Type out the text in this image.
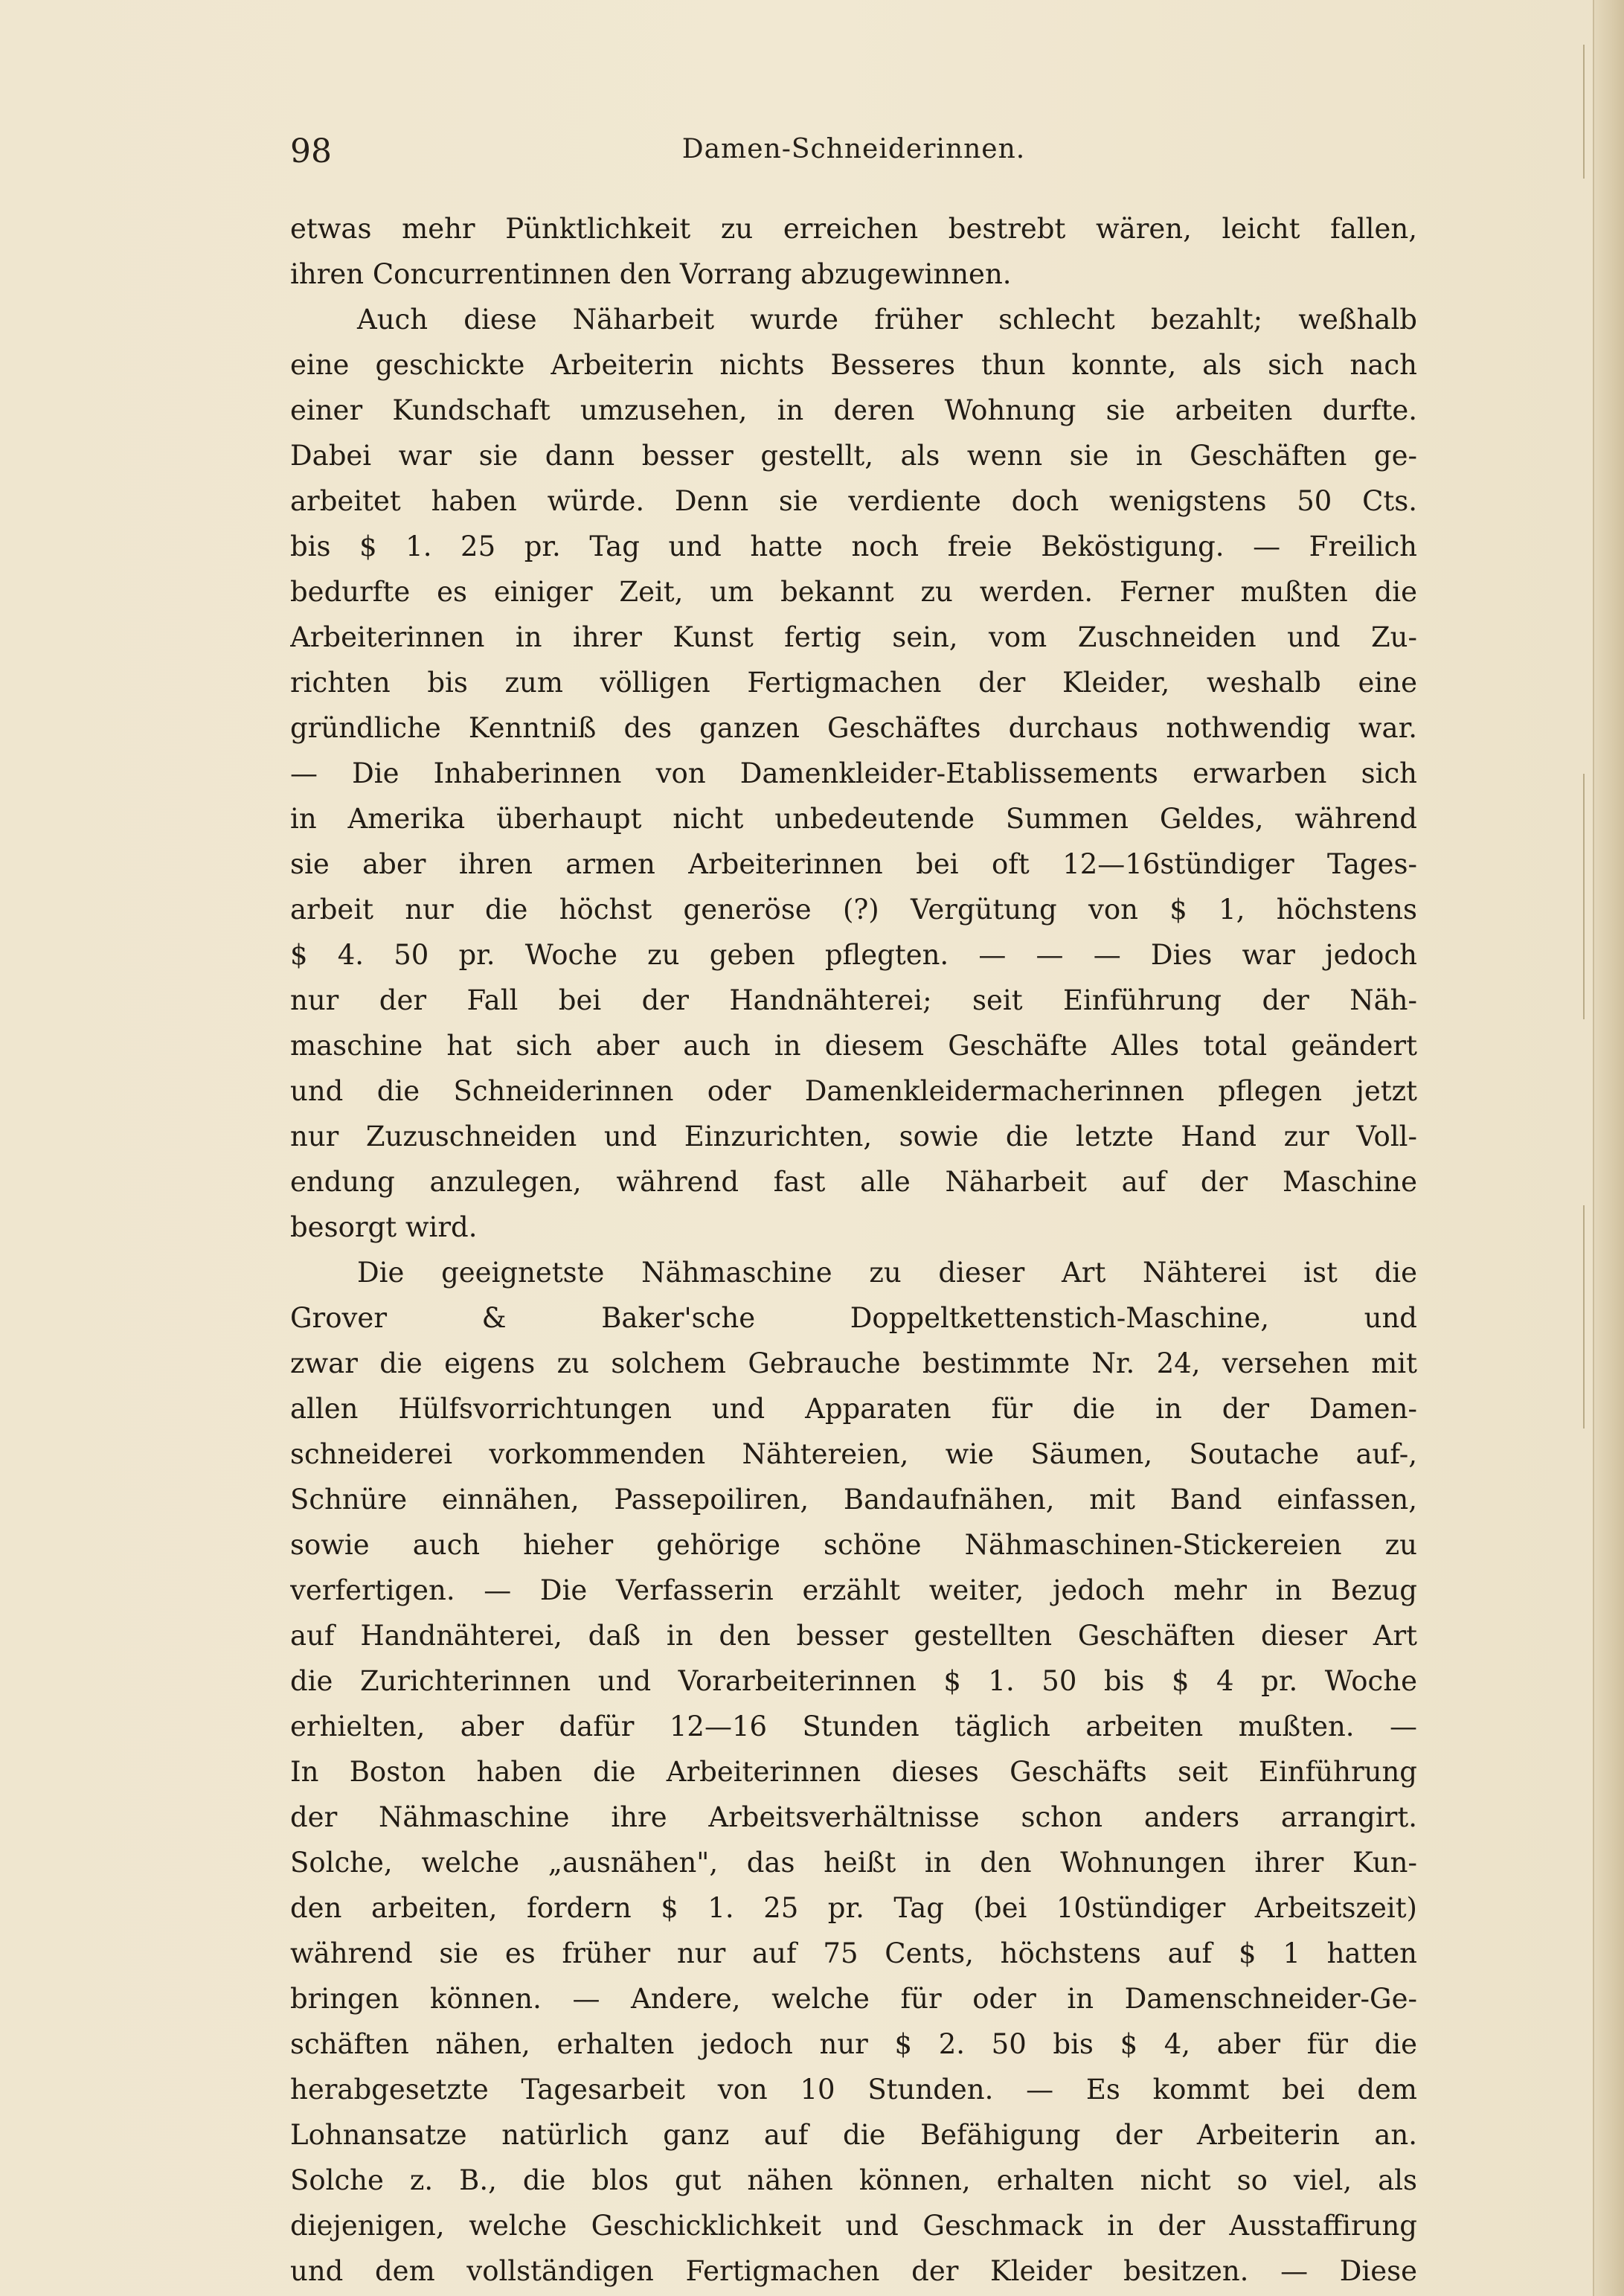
98	Damen-Schneiderinnen.
etwas mehr Pünktlichkeit zu erreichen bestrebt wären, leicht fallen,
ihren Concurrentinnen den Vorrang abzugewinnen.
Auch diese Näharbeit wurde früher schlecht bezahlt; weßhalb
eine geschickte Arbeiterin nichts Besseres thun konnte, als sich nach
einer Kundschaft umzusehen, in deren Wohnung sie arbeiten durfte.
Dabei war sie dann besser gestellt, als wenn sie in Geschäften ge-
arbeitet haben würde. Denn sie verdiente doch wenigstens 50 Cts.
bis $ 1. 25 pr. Tag und hatte noch freie Beköstigung. — Freilich
bedurfte es einiger Zeit, um bekannt zu werden. Ferner mußten die
Arbeiterinnen in ihrer Kunst fertig sein, vom Zuschneiden und Zu-
richten bis zum völligen Fertigmachen der Kleider, weshalb eine
gründliche Kenntniß des ganzen Geschäftes durchaus nothwendig war.
— Die Inhaberinnen von Damenkleider-Etablissements erwarben sich
in Amerika überhaupt nicht unbedeutende Summen Geldes, während
sie aber ihren armen Arbeiterinnen bei oft 12—16stündiger Tages-
arbeit nur die höchst generöse (?) Vergütung von $ 1, höchstens
$ 4. 50 pr. Woche zu geben pflegten. — — — Dies war jedoch
nur der Fall bei der Handnähterei; seit Einführung der Näh-
maschine hat sich aber auch in diesem Geschäfte Alles total geändert
und die Schneiderinnen oder Damenkleidermacherinnen pflegen jetzt
nur Zuzuschneiden und Einzurichten, sowie die letzte Hand zur Voll-
endung anzulegen, während fast alle Näharbeit auf der Maschine
besorgt wird.
Die geeignetste Nähmaschine zu dieser Art Nähterei ist die
Grover & Baker'sche Doppeltkettenstich-Maschine, und
zwar die eigens zu solchem Gebrauche bestimmte Nr. 24, versehen mit
allen Hülfsvorrichtungen und Apparaten für die in der Damen-
schneiderei vorkommenden Nähtereien, wie Säumen, Soutache auf-,
Schnüre einnähen, Passepoiliren, Bandaufnähen, mit Band einfassen,
sowie auch hieher gehörige schöne Nähmaschinen-Stickereien zu
verfertigen. — Die Verfasserin erzählt weiter, jedoch mehr in Bezug
auf Handnähterei, daß in den besser gestellten Geschäften dieser Art
die Zurichterinnen und Vorarbeiterinnen $ 1. 50 bis $ 4 pr. Woche
erhielten, aber dafür 12—16 Stunden täglich arbeiten mußten. —
In Boston haben die Arbeiterinnen dieses Geschäfts seit Einführung
der Nähmaschine ihre Arbeitsverhältnisse schon anders arrangirt.
Solche, welche „ausnähen", das heißt in den Wohnungen ihrer Kun-
den arbeiten, fordern $ 1. 25 pr. Tag (bei 10stündiger Arbeitszeit)
während sie es früher nur auf 75 Cents, höchstens auf $ 1 hatten
bringen können. — Andere, welche für oder in Damenschneider-Ge-
schäften nähen, erhalten jedoch nur $ 2. 50 bis $ 4, aber für die
herabgesetzte Tagesarbeit von 10 Stunden. — Es kommt bei dem
Lohnansatze natürlich ganz auf die Befähigung der Arbeiterin an.
Solche z. B., die blos gut nähen können, erhalten nicht so viel, als
diejenigen, welche Geschicklichkeit und Geschmack in der Ausstaffirung
und dem vollständigen Fertigmachen der Kleider besitzen. — Diese
